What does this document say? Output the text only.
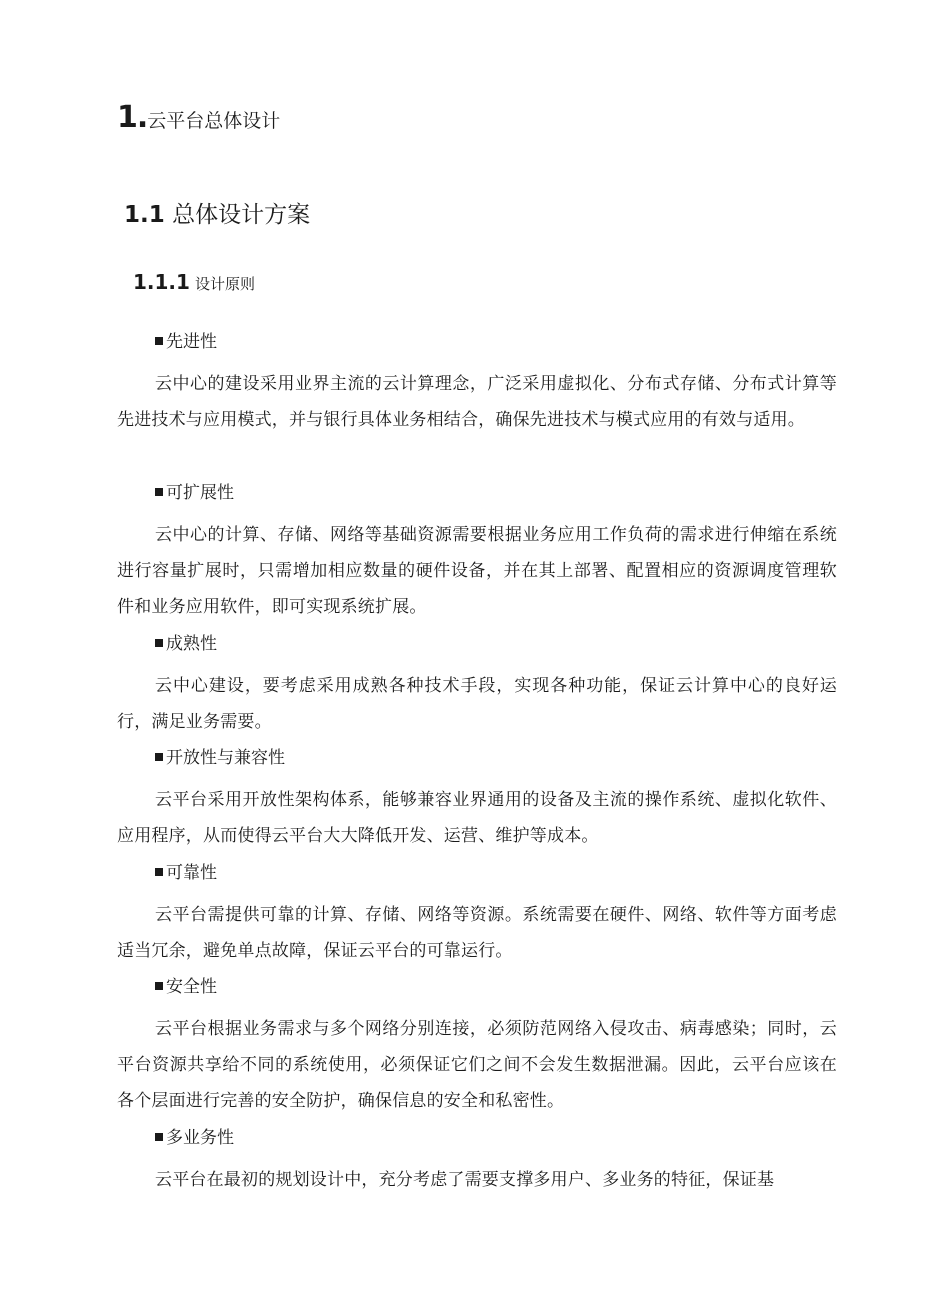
1.云平台总体设计
1.1 总体设计方案
1.1.1 设计原则
先进性
云中心的建设采用业界主流的云计算理念，广泛采用虚拟化、分布式存储、分布式计算等先进技术与应用模式，并与银行具体业务相结合，确保先进技术与模式应用的有效与适用。
可扩展性
云中心的计算、存储、网络等基础资源需要根据业务应用工作负荷的需求进行伸缩在系统进行容量扩展时，只需增加相应数量的硬件设备，并在其上部署、配置相应的资源调度管理软件和业务应用软件，即可实现系统扩展。
成熟性
云中心建设，要考虑采用成熟各种技术手段，实现各种功能，保证云计算中心的良好运行，满足业务需要。
开放性与兼容性
云平台采用开放性架构体系，能够兼容业界通用的设备及主流的操作系统、虚拟化软件、应用程序，从而使得云平台大大降低开发、运营、维护等成本。
可靠性
云平台需提供可靠的计算、存储、网络等资源。系统需要在硬件、网络、软件等方面考虑适当冗余，避免单点故障，保证云平台的可靠运行。
安全性
云平台根据业务需求与多个网络分别连接，必须防范网络入侵攻击、病毒感染；同时，云平台资源共享给不同的系统使用，必须保证它们之间不会发生数据泄漏。因此，云平台应该在各个层面进行完善的安全防护，确保信息的安全和私密性。
多业务性
云平台在最初的规划设计中，充分考虑了需要支撑多用户、多业务的特征，保证基
